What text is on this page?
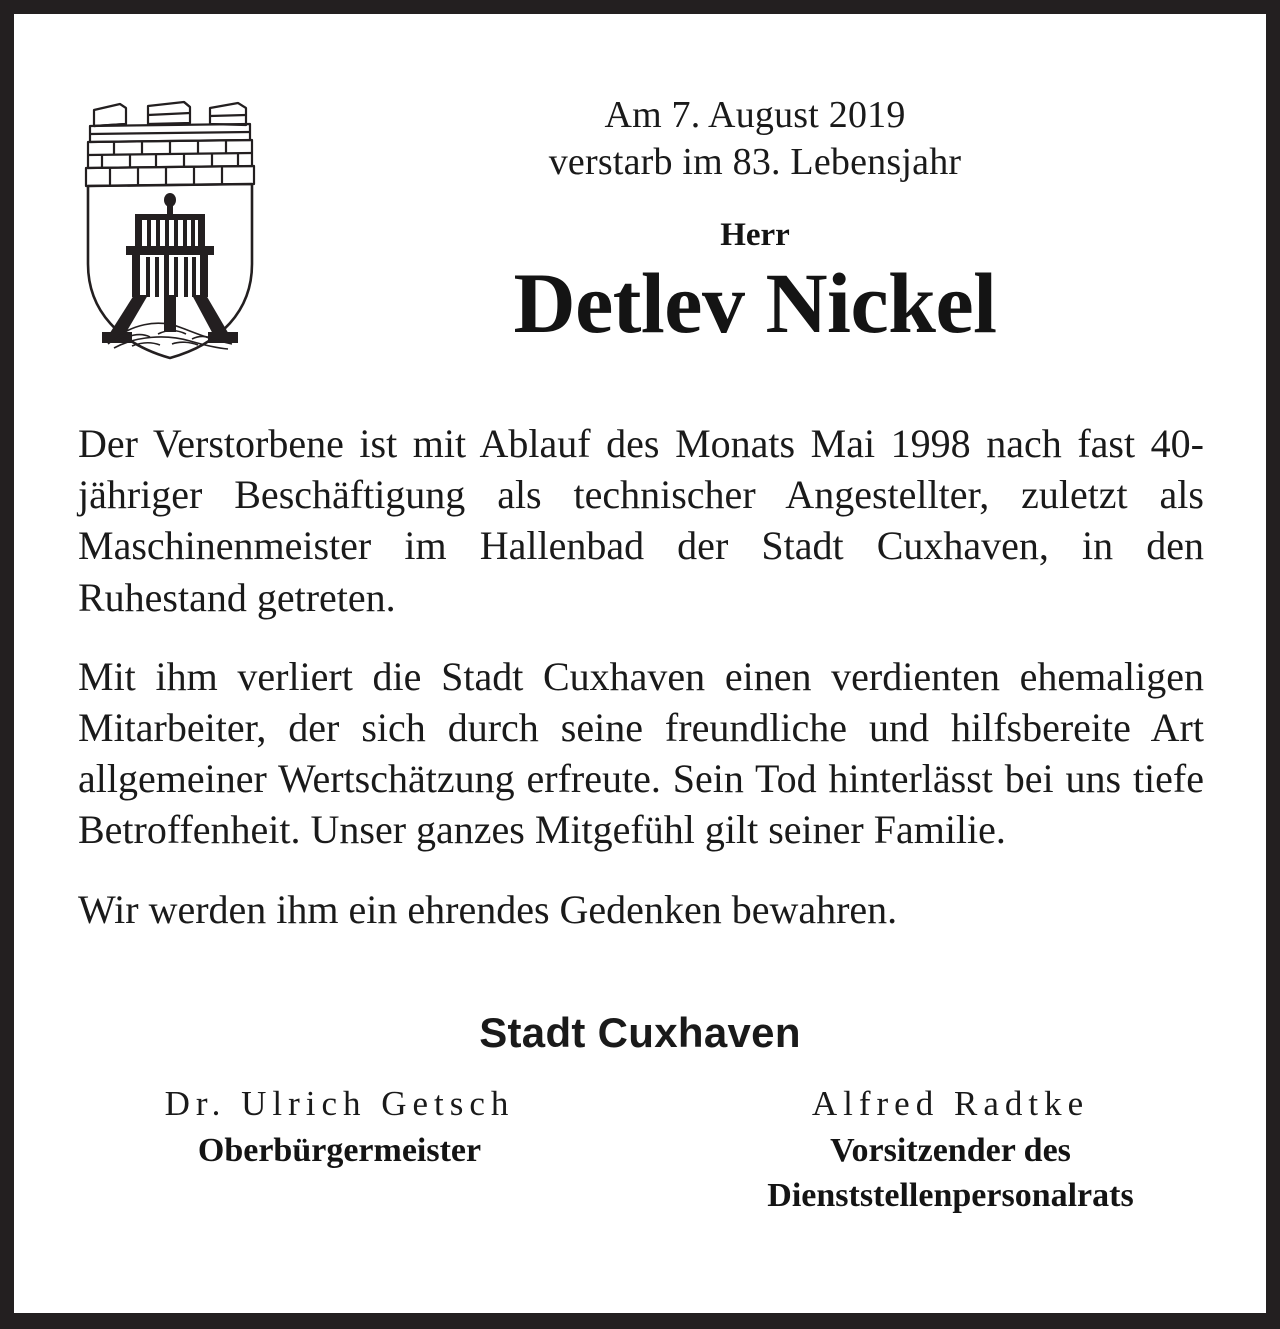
Am 7. August 2019
verstarb im 83. Lebensjahr
Herr
Detlev Nickel

Der Verstorbene ist mit Ablauf des Monats Mai 1998 nach fast 40-jähriger Beschäftigung als technischer Angestellter, zuletzt als Maschinenmeister im Hallenbad der Stadt Cuxhaven, in den Ruhestand getreten.

Mit ihm verliert die Stadt Cuxhaven einen verdienten ehemaligen Mitarbeiter, der sich durch seine freundliche und hilfsbereite Art allgemeiner Wertschätzung erfreute. Sein Tod hinterlässt bei uns tiefe Betroffenheit. Unser ganzes Mitgefühl gilt seiner Familie.

Wir werden ihm ein ehrendes Gedenken bewahren.

Stadt Cuxhaven
Dr. Ulrich Getsch
Oberbürgermeister
Alfred Radtke
Vorsitzender des
Dienststellenpersonalrats
